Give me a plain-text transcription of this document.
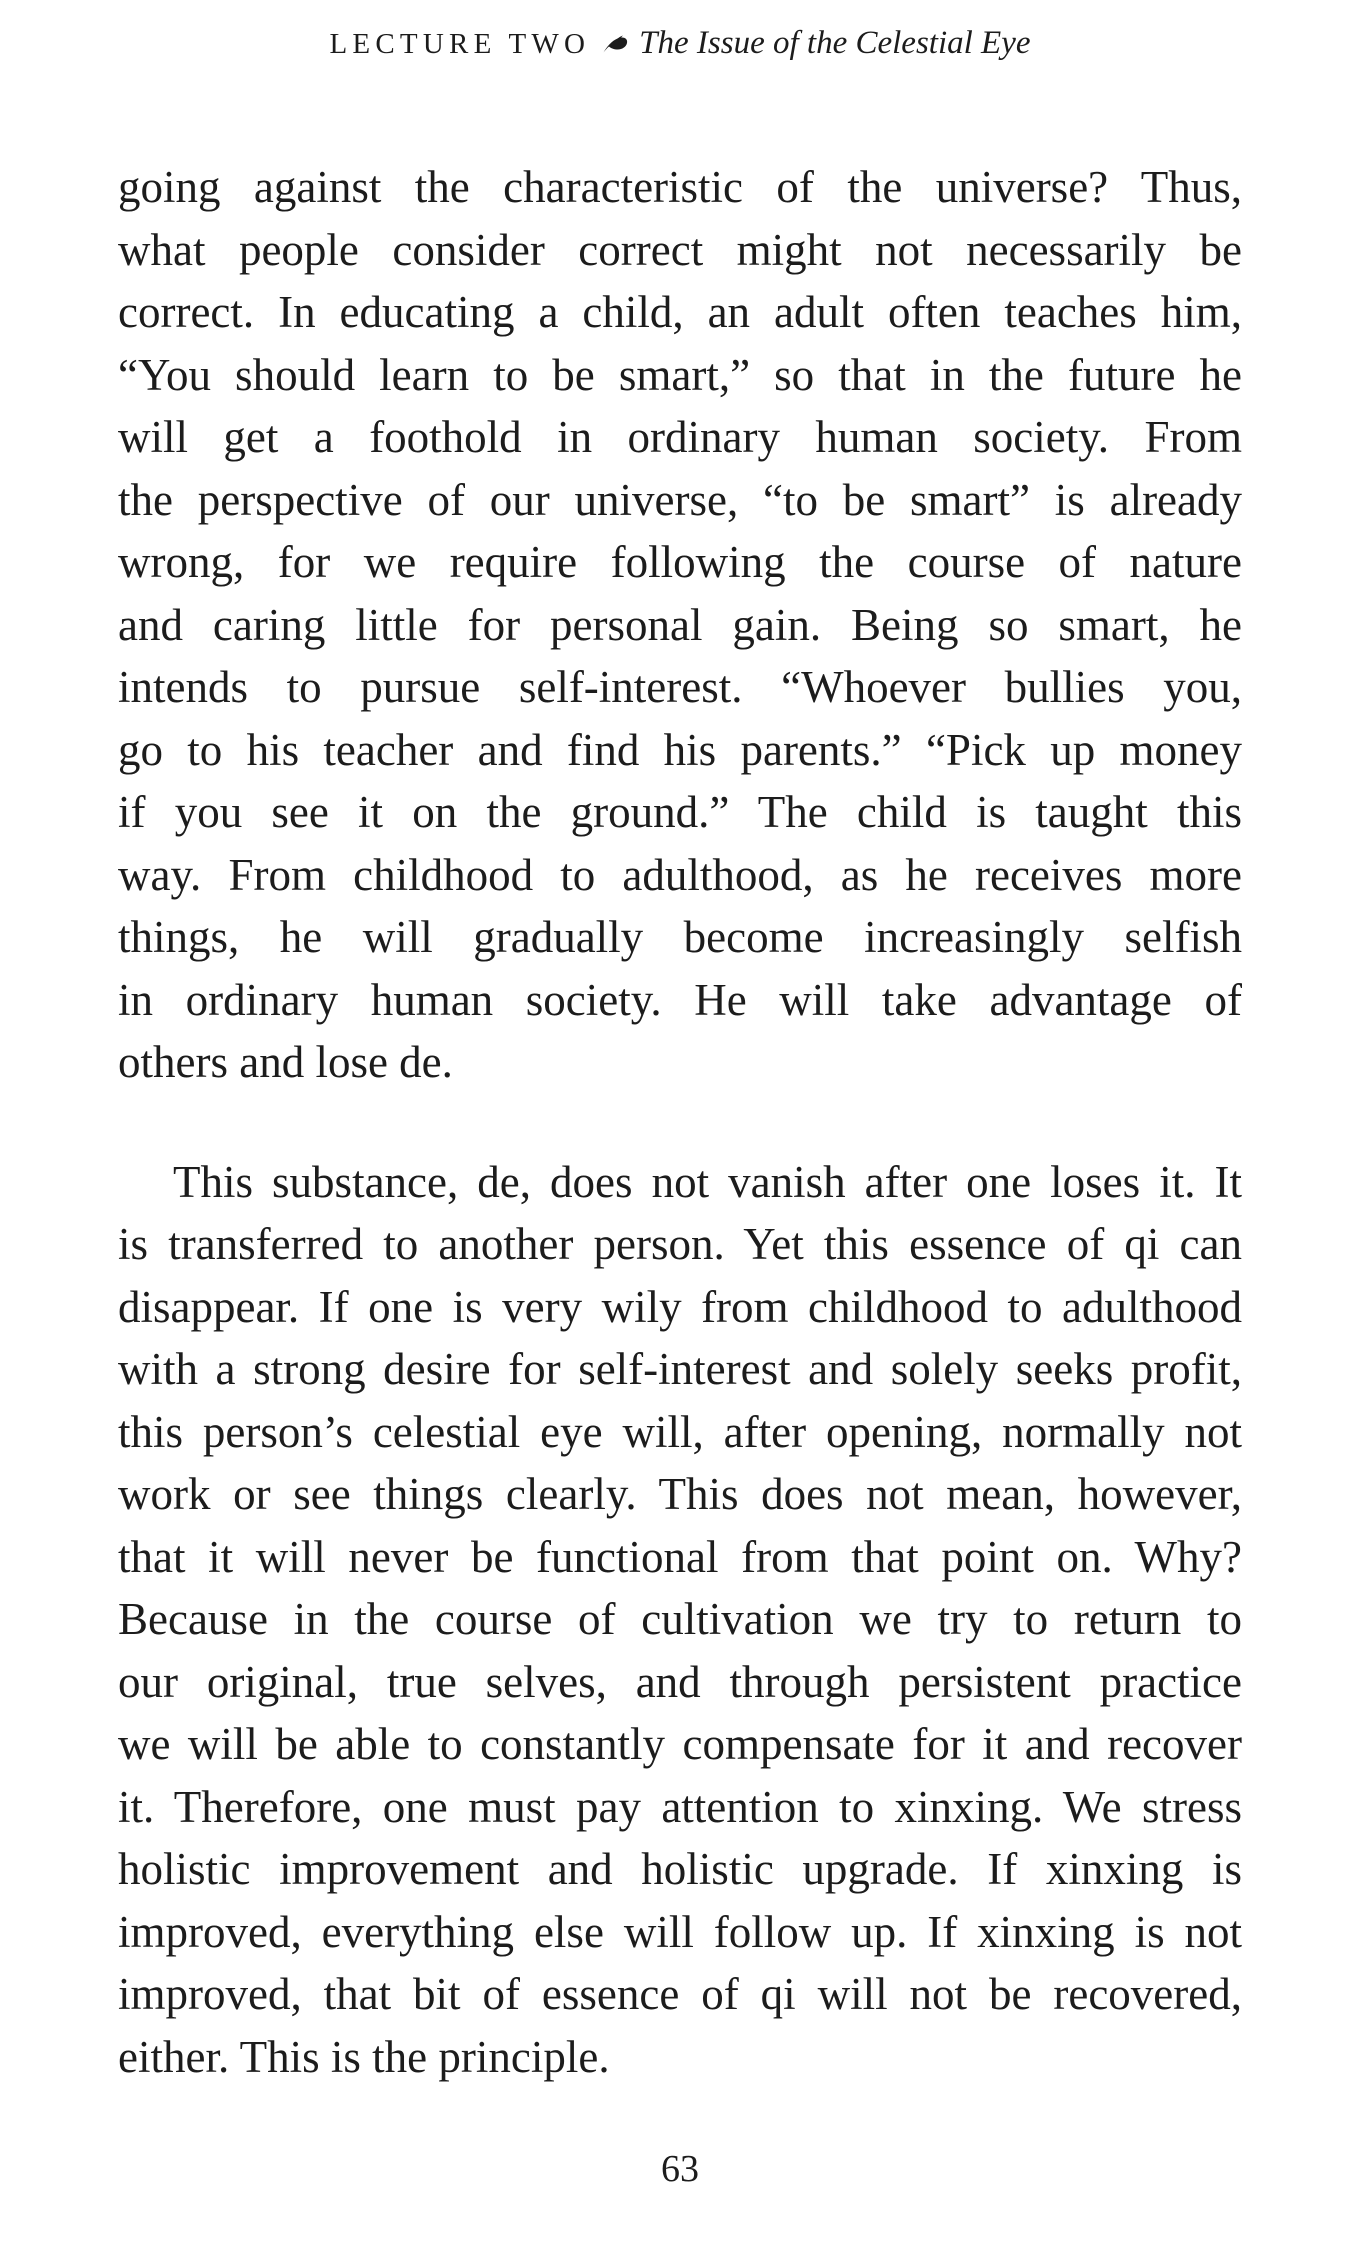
LECTURE TWO The Issue of the Celestial Eye
going against the characteristic of the universe? Thus,
what people consider correct might not necessarily be
correct. In educating a child, an adult often teaches him,
“You should learn to be smart,” so that in the future he
will get a foothold in ordinary human society. From
the perspective of our universe, “to be smart” is already
wrong, for we require following the course of nature
and caring little for personal gain. Being so smart, he
intends to pursue self-interest. “Whoever bullies you,
go to his teacher and find his parents.” “Pick up money
if you see it on the ground.” The child is taught this
way. From childhood to adulthood, as he receives more
things, he will gradually become increasingly selfish
in ordinary human society. He will take advantage of
others and lose de.
This substance, de, does not vanish after one loses it. It
is transferred to another person. Yet this essence of qi can
disappear. If one is very wily from childhood to adulthood
with a strong desire for self-interest and solely seeks profit,
this person’s celestial eye will, after opening, normally not
work or see things clearly. This does not mean, however,
that it will never be functional from that point on. Why?
Because in the course of cultivation we try to return to
our original, true selves, and through persistent practice
we will be able to constantly compensate for it and recover
it. Therefore, one must pay attention to xinxing. We stress
holistic improvement and holistic upgrade. If xinxing is
improved, everything else will follow up. If xinxing is not
improved, that bit of essence of qi will not be recovered,
either. This is the principle.
63
